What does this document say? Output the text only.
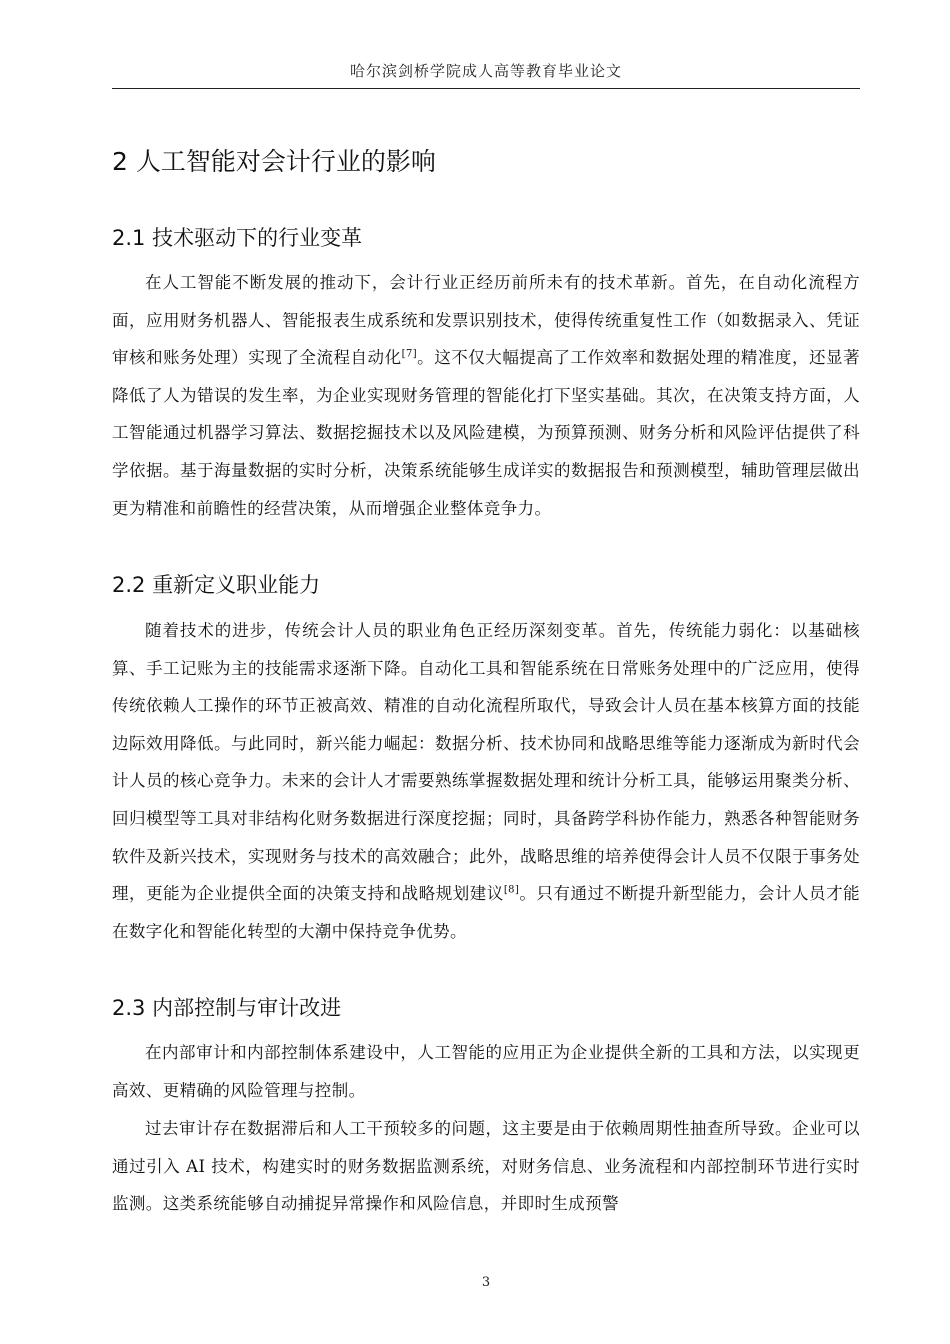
哈尔滨剑桥学院成人高等教育毕业论文
2 人工智能对会计行业的影响
2.1 技术驱动下的行业变革

在人工智能不断发展的推动下，会计行业正经历前所未有的技术革新。首先，在自动化流程方面，应用财务机器人、智能报表生成系统和发票识别技术，使得传统重复性工作（如数据录入、凭证审核和账务处理）实现了全流程自动化[7]。这不仅大幅提高了工作效率和数据处理的精准度，还显著降低了人为错误的发生率，为企业实现财务管理的智能化打下坚实基础。其次，在决策支持方面，人工智能通过机器学习算法、数据挖掘技术以及风险建模，为预算预测、财务分析和风险评估提供了科学依据。基于海量数据的实时分析，决策系统能够生成详实的数据报告和预测模型，辅助管理层做出更为精准和前瞻性的经营决策，从而增强企业整体竞争力。

2.2 重新定义职业能力

随着技术的进步，传统会计人员的职业角色正经历深刻变革。首先，传统能力弱化：以基础核算、手工记账为主的技能需求逐渐下降。自动化工具和智能系统在日常账务处理中的广泛应用，使得传统依赖人工操作的环节正被高效、精准的自动化流程所取代，导致会计人员在基本核算方面的技能边际效用降低。与此同时，新兴能力崛起：数据分析、技术协同和战略思维等能力逐渐成为新时代会计人员的核心竞争力。未来的会计人才需要熟练掌握数据处理和统计分析工具，能够运用聚类分析、回归模型等工具对非结构化财务数据进行深度挖掘；同时，具备跨学科协作能力，熟悉各种智能财务软件及新兴技术，实现财务与技术的高效融合；此外，战略思维的培养使得会计人员不仅限于事务处理，更能为企业提供全面的决策支持和战略规划建议[8]。只有通过不断提升新型能力，会计人员才能在数字化和智能化转型的大潮中保持竞争优势。

2.3 内部控制与审计改进

在内部审计和内部控制体系建设中，人工智能的应用正为企业提供全新的工具和方法，以实现更高效、更精确的风险管理与控制。

过去审计存在数据滞后和人工干预较多的问题，这主要是由于依赖周期性抽查所导致。企业可以通过引入 AI 技术，构建实时的财务数据监测系统，对财务信息、业务流程和内部控制环节进行实时监测。这类系统能够自动捕捉异常操作和风险信息，并即时生成预警

3
